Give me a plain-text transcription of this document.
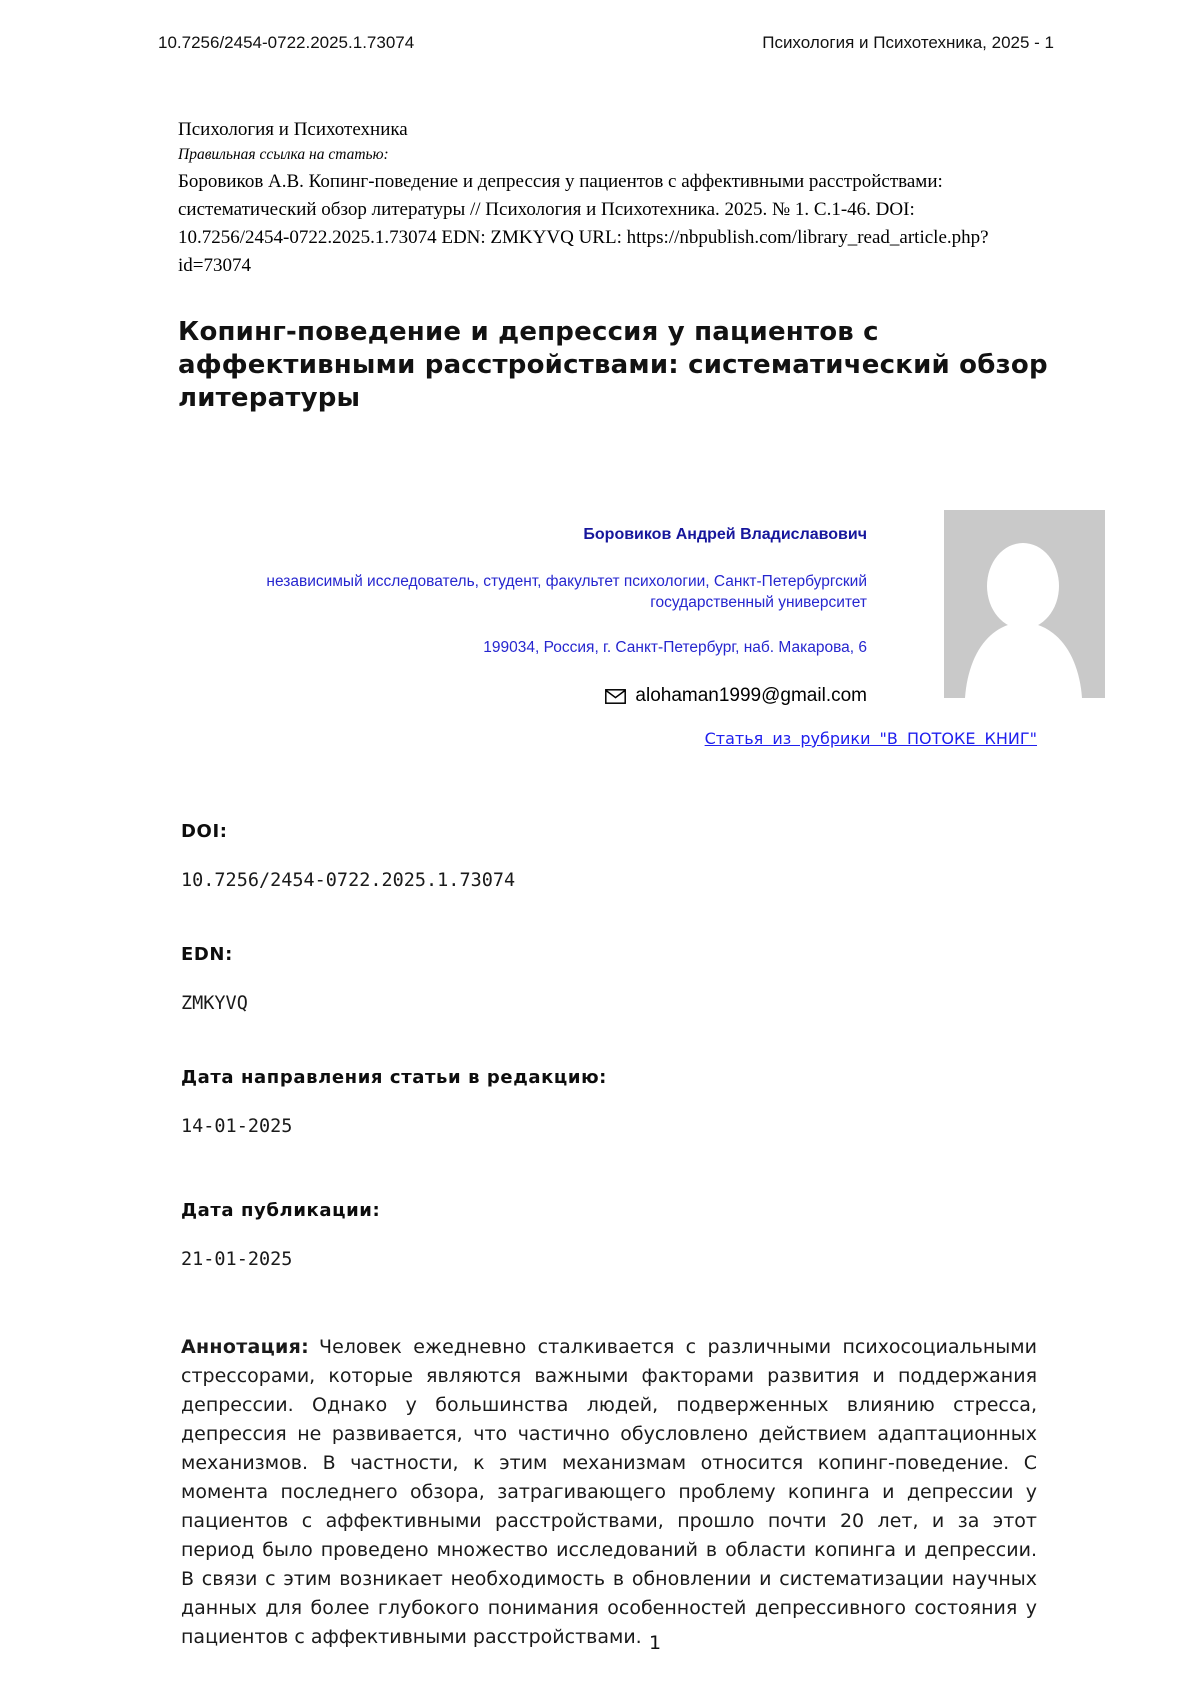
10.7256/2454-0722.2025.1.73074	Психология и Психотехника, 2025 - 1
Психология и Психотехника
Правильная ссылка на статью:
Боровиков А.В. Копинг-поведение и депрессия у пациентов с аффективными расстройствами: систематический обзор литературы // Психология и Психотехника. 2025. № 1. С.1-46. DOI: 10.7256/2454-0722.2025.1.73074 EDN: ZMKYVQ URL: https://nbpublish.com/library_read_article.php?id=73074
Копинг-поведение и депрессия у пациентов с аффективными расстройствами: систематический обзор литературы
Боровиков Андрей Владиславович
независимый исследователь, студент, факультет психологии, Санкт-Петербургский государственный университет
199034, Россия, г. Санкт-Петербург, наб. Макарова, 6
alohaman1999@gmail.com
Статья из рубрики "В ПОТОКЕ КНИГ"
DOI:
10.7256/2454-0722.2025.1.73074
EDN:
ZMKYVQ
Дата направления статьи в редакцию:
14-01-2025
Дата публикации:
21-01-2025

Аннотация: Человек ежедневно сталкивается с различными психосоциальными стрессорами, которые являются важными факторами развития и поддержания депрессии. Однако у большинства людей, подверженных влиянию стресса, депрессия не развивается, что частично обусловлено действием адаптационных механизмов. В частности, к этим механизмам относится копинг-поведение. С момента последнего обзора, затрагивающего проблему копинга и депрессии у пациентов с аффективными расстройствами, прошло почти 20 лет, и за этот период было проведено множество исследований в области копинга и депрессии. В связи с этим возникает необходимость в обновлении и систематизации научных данных для более глубокого понимания особенностей депрессивного состояния у пациентов с аффективными расстройствами. 1
